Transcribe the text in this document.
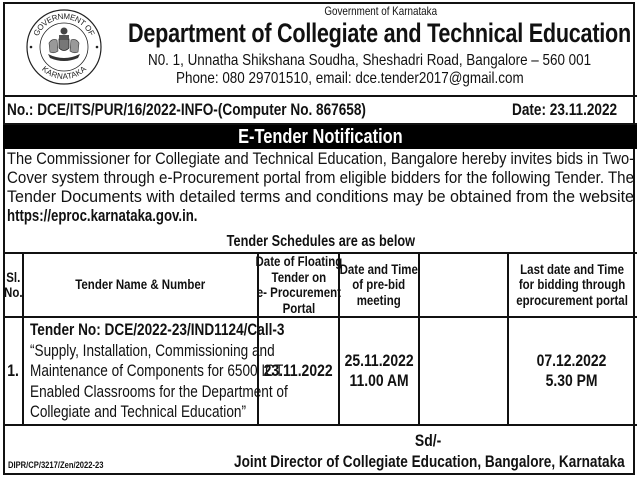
GOVERNMENT OF
KARNATAKA
Government of Karnataka
Department of Collegiate and Technical Education
N0. 1, Unnatha Shikshana Soudha, Sheshadri Road, Bangalore – 560 001
Phone: 080 29701510, email: dce.tender2017@gmail.com
No.: DCE/ITS/PUR/16/2022-INFO-(Computer No. 867658)	Date: 23.11.2022
E-Tender Notification
The Commissioner for Collegiate and Technical Education, Bangalore hereby invites bids in Two-
Cover system through e-Procurement portal from eligible bidders for the following Tender. The
Tender Documents with detailed terms and conditions may be obtained from the website
https://eproc.karnataka.gov.in.
Tender Schedules are as below
Sl.
No.	Tender Name & Number
Date of Floating
Tender on
e- Procurement
Portal
Date and Time
of pre-bid
meeting
Last date and Time
for bidding through
eprocurement portal
1.
Tender No: DCE/2022-23/IND1124/Call-3
“Supply, Installation, Commissioning and
Maintenance of Components for 6500 ICT
Enabled Classrooms for the Department of
Collegiate and Technical Education”
23.11.2022
25.11.2022
11.00 AM
07.12.2022
5.30 PM
Sd/-
Joint Director of Collegiate Education, Bangalore, Karnataka
DIPR/CP/3217/Zen/2022-23
